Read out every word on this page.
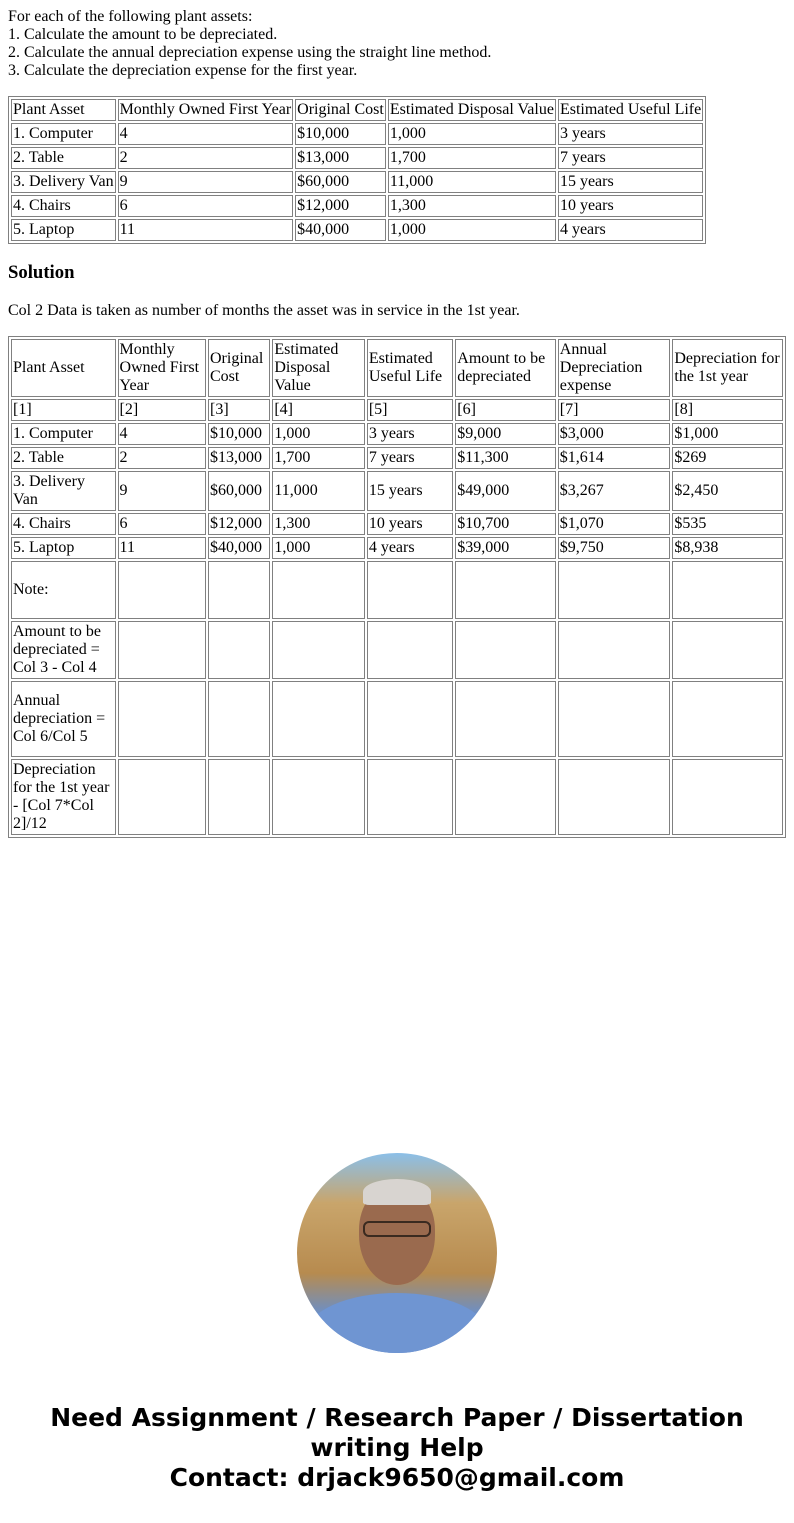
For each of the following plant assets:

1. Calculate the amount to be depreciated.

2. Calculate the annual depreciation expense using the straight line method.

3. Calculate the depreciation expense for the first year.

Plant Asset	Monthly Owned First Year	Original Cost	Estimated Disposal Value	Estimated Useful Life
1. Computer	4	$10,000	1,000	3 years
2. Table	2	$13,000	1,700	7 years
3. Delivery Van	9	$60,000	11,000	15 years
4. Chairs	6	$12,000	1,300	10 years
5. Laptop	11	$40,000	1,000	4 years
Solution

Col 2 Data is taken as number of months the asset was in service in the 1st year.

Plant Asset	Monthly Owned First Year	Original Cost	Estimated Disposal Value	Estimated Useful Life	Amount to be depreciated	Annual Depreciation expense	Depreciation for the 1st year
[1]	[2]	[3]	[4]	[5]	[6]	[7]	[8]
1. Computer	4	$10,000	1,000	3 years	$9,000	$3,000	$1,000
2. Table	2	$13,000	1,700	7 years	$11,300	$1,614	$269
3. Delivery Van	9	$60,000	11,000	15 years	$49,000	$3,267	$2,450
4. Chairs	6	$12,000	1,300	10 years	$10,700	$1,070	$535
5. Laptop	11	$40,000	1,000	4 years	$39,000	$9,750	$8,938
Note:							
Amount to be depreciated = Col 3 - Col 4							
Annual depreciation = Col 6/Col 5							
Depreciation for the 1st year - [Col 7*Col 2]/12							
Need Assignment / Research Paper / Dissertation writing Help
Contact: drjack9650@gmail.com
